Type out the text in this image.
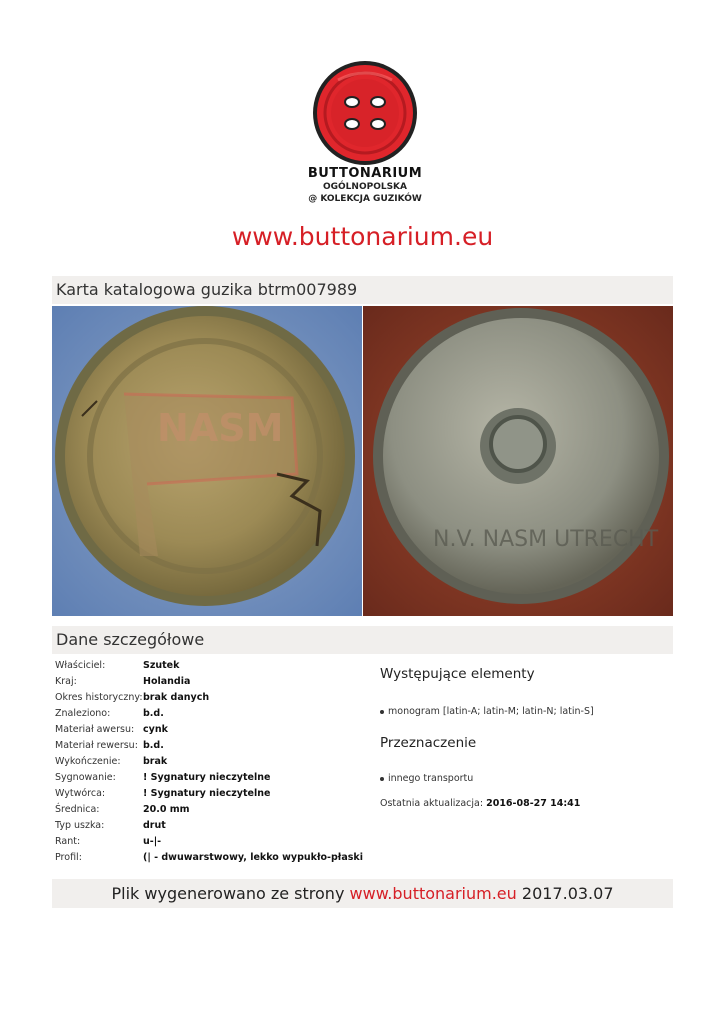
BUTTONARIUM
OGÓLNOPOLSKA
@ KOLEKCJA GUZIKÓW
www.buttonarium.eu
Karta katalogowa guzika btrm007989
NASM
N.V. NASM UTRECHT
Dane szczegółowe
Właściciel:	Szutek
Kraj:	Holandia
Okres historyczny: brak danych
Znaleziono:	b.d.
Materiał awersu: cynk
Materiał rewersu: b.d.
Wykończenie:	brak
Sygnowanie:	! Sygnatury nieczytelne
Wytwórca:	! Sygnatury nieczytelne
Średnica:	20.0 mm
Typ uszka:	drut
Rant:	u-|-
Profil:	(| - dwuwarstwowy, lekko wypukło-płaski
Występujące elementy
monogram [latin-A; latin-M; latin-N; latin-S]
Przeznaczenie
innego transportu
Ostatnia aktualizacja: 2016-08-27 14:41
Plik wygenerowano ze strony www.buttonarium.eu 2017.03.07
